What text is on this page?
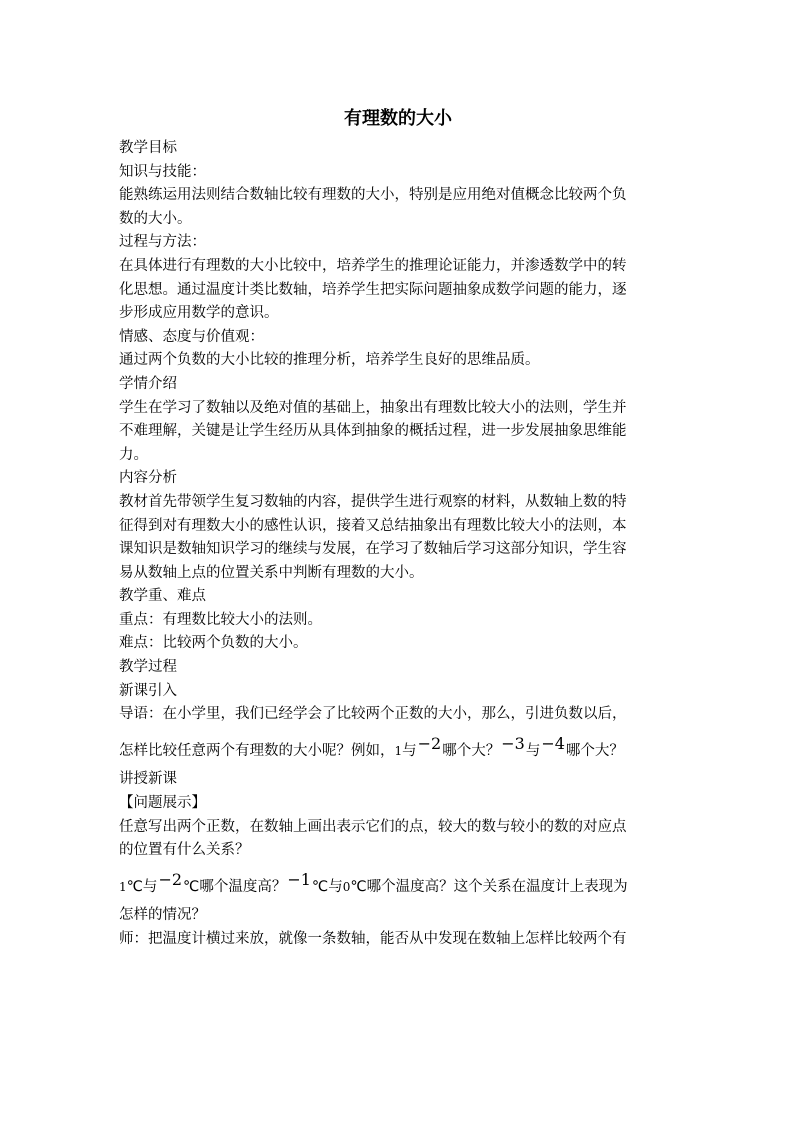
有理数的大小
教学目标
知识与技能：
能熟练运用法则结合数轴比较有理数的大小，特别是应用绝对值概念比较两个负
数的大小。
过程与方法：
在具体进行有理数的大小比较中，培养学生的推理论证能力，并渗透数学中的转
化思想。通过温度计类比数轴，培养学生把实际问题抽象成数学问题的能力，逐
步形成应用数学的意识。
情感、态度与价值观：
通过两个负数的大小比较的推理分析，培养学生良好的思维品质。
学情介绍
学生在学习了数轴以及绝对值的基础上，抽象出有理数比较大小的法则，学生并
不难理解，关键是让学生经历从具体到抽象的概括过程，进一步发展抽象思维能
力。
内容分析
教材首先带领学生复习数轴的内容，提供学生进行观察的材料，从数轴上数的特
征得到对有理数大小的感性认识，接着又总结抽象出有理数比较大小的法则，本
课知识是数轴知识学习的继续与发展，在学习了数轴后学习这部分知识，学生容
易从数轴上点的位置关系中判断有理数的大小。
教学重、难点
重点：有理数比较大小的法则。
难点：比较两个负数的大小。
教学过程
新课引入
导语：在小学里，我们已经学会了比较两个正数的大小，那么，引进负数以后，
怎样比较任意两个有理数的大小呢？例如，1与−2哪个大？−3与−4哪个大？
讲授新课
【问题展示】
任意写出两个正数，在数轴上画出表示它们的点，较大的数与较小的数的对应点
的位置有什么关系？
1℃与−2℃哪个温度高？−1℃与0℃哪个温度高？这个关系在温度计上表现为
怎样的情况？
师：把温度计横过来放，就像一条数轴，能否从中发现在数轴上怎样比较两个有
